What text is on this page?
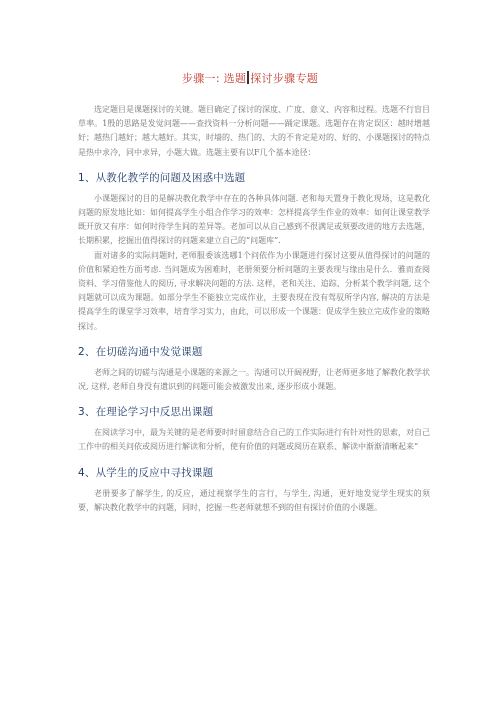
步骤一: 选题 探讨步骤专题

选定题目是课题探讨的关键。题目确定了探讨的深度、广度、意义、内容和过程。选题不行盲目草率。1殷的思路是发觉问题——查找资料一分析问题——踊定课题。选题存在肯定误区：越时增越好；越热门越好；越大越好。其实，时墙的、热门的、大的不肯定是对的、好的、小课题探讨的特点是热中求冷，同中求异，小题大做。选题主要有以F几个基本途径：

1、从教化教学的问题及困惑中选题

小课题探讨的目的是解决教化教学中存在的各种具体问题. 老和每天置身于教化现场，这是教化问题的原发地比如：如何提高学生小组合作学习的效率：怎样提高学生作业的效率：如何让课堂教学既开放又有序：如何时待学生间的差异等。老加可以从自己感到不很满足或须要改进的地方去选题，长期积累，挖掘出值得探讨的问题来建立自己的“问题库”．

面对诸多的实际问题时, 老师服委该选哪1个问依作为小课题进行探讨这要从值得探讨的问题的价值和紧迫性方面考虑. 当问题成为困难时，老册须要分析问题的主要表现与缘由是什么．雅而查阅资料、学习借鉴他人的阅历, 寻求解决问题的方法. 这样，老和关注、追踪、分析某个教学问题, 这个问题就可以成为课题。如部分学生不能独立完成作业，主要表现在没有驾驭所学内容, 解决的方法是提高学生的课堂学习效率，培育学习实力，由此，可以形成一个课题：促成学生独立完成作业的策略探讨。

2、在切磋沟通中发觉课题

老师之间的切磋与沟通是小课题的来源之一。沟通可以开阔视野，让老师更多地了解教化教学状况, 这样, 老师自身没有遗识到的问题可能会被激发出来, 逐步形成小课题。

3、在理论学习中反思出课题

在阅读学习中，最为关键的是老师要时时留意结合自己的工作实际进行有针对性的思索，对自己工作中的相关问依或阅历进行解读和分析，使有价值的问题或阅历在联系、解读中渐渐清晰起来“

4、从学生的反应中寻找课题

老册要多了解学生, 的反应，通过视察学生的言行，与学生, 沟通，更好地发觉学生现实的须要，解决教化教学中的问题，同时，挖掘一些老师就想不到的但有探讨价值的小课题。
